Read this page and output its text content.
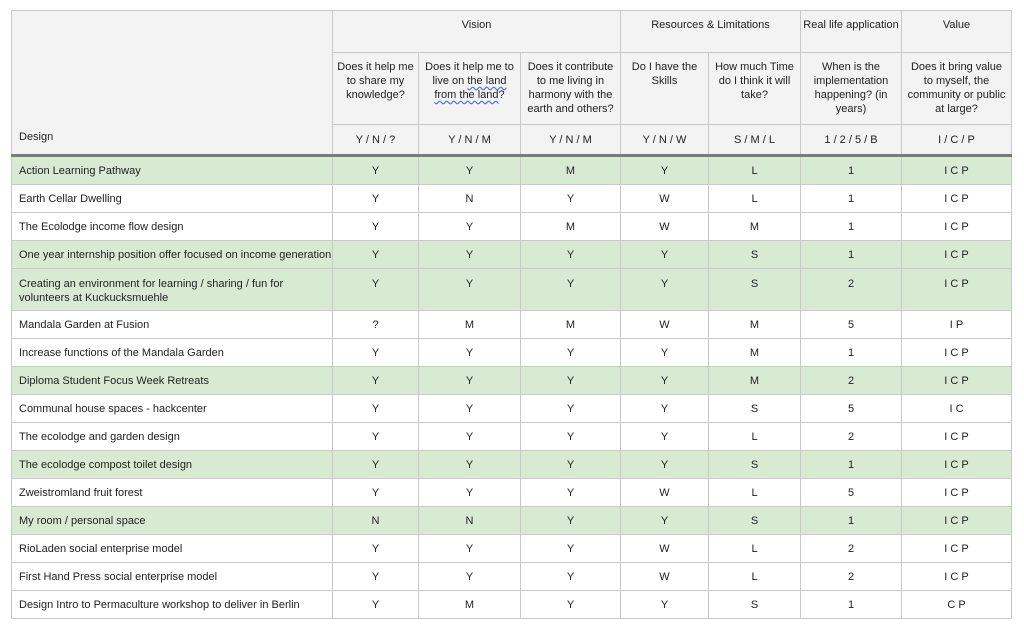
Design	Vision			Resources & Limitations		Real life application	Value
	Does it help me to share my knowledge?	Does it help me to live on the land from the land?	Does it contribute to me living in harmony with the earth and others?	Do I have the Skills	How much Time do I think it will take?	When is the implementation happening? (in years)	Does it bring value to myself, the community or public at large?
	Y / N / ?	Y / N / M	Y / N / M	Y / N / W	S / M / L	1 / 2 / 5 / B	I / C / P
Action Learning Pathway	Y	Y	M	Y	L	1	I C P
Earth Cellar Dwelling	Y	N	Y	W	L	1	I C P
The Ecolodge income flow design	Y	Y	M	W	M	1	I C P
One year internship position offer focused on income generation	Y	Y	Y	Y	S	1	I C P
Creating an environment for learning / sharing / fun for volunteers at Kuckucksmuehle	Y	Y	Y	Y	S	2	I C P
Mandala Garden at Fusion	?	M	M	W	M	5	I P
Increase functions of the Mandala Garden	Y	Y	Y	Y	M	1	I C P
Diploma Student Focus Week Retreats	Y	Y	Y	Y	M	2	I C P
Communal house spaces - hackcenter	Y	Y	Y	Y	S	5	I C
The ecolodge and garden design	Y	Y	Y	Y	L	2	I C P
The ecolodge compost toilet design	Y	Y	Y	Y	S	1	I C P
Zweistromland fruit forest	Y	Y	Y	W	L	5	I C P
My room / personal space	N	N	Y	Y	S	1	I C P
RioLaden social enterprise model	Y	Y	Y	W	L	2	I C P
First Hand Press social enterprise model	Y	Y	Y	W	L	2	I C P
Design Intro to Permaculture workshop to deliver in Berlin	Y	M	Y	Y	S	1	C P
